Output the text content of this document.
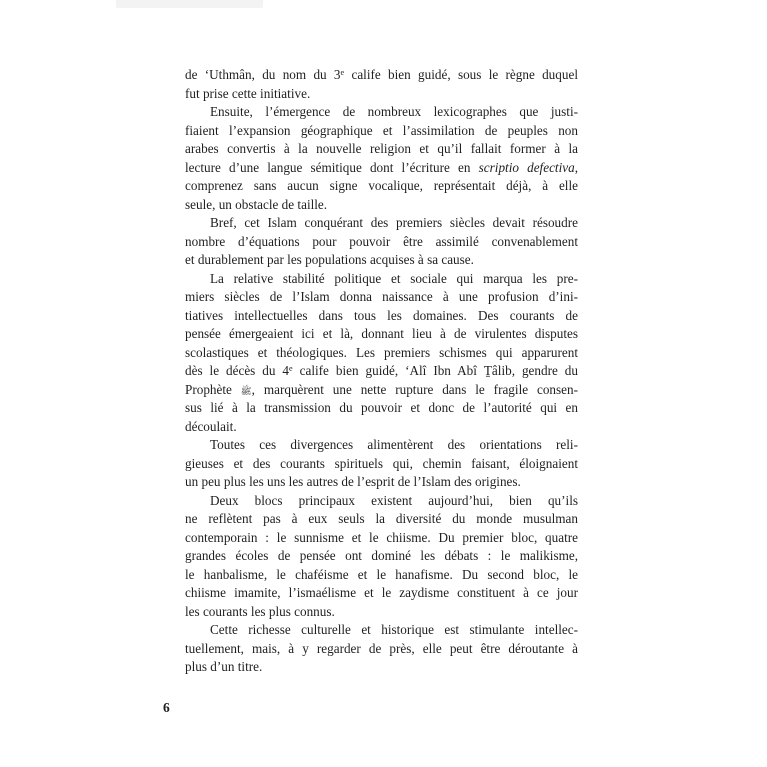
de ‘Uthmân, du nom du 3e calife bien guidé, sous le règne duquel
fut prise cette initiative.

Ensuite, l’émergence de nombreux lexicographes que justi-
fiaient l’expansion géographique et l’assimilation de peuples non
arabes convertis à la nouvelle religion et qu’il fallait former à la
lecture d’une langue sémitique dont l’écriture en scriptio defectiva,
comprenez sans aucun signe vocalique, représentait déjà, à elle
seule, un obstacle de taille.

Bref, cet Islam conquérant des premiers siècles devait résoudre
nombre d’équations pour pouvoir être assimilé convenablement
et durablement par les populations acquises à sa cause.

La relative stabilité politique et sociale qui marqua les pre-
miers siècles de l’Islam donna naissance à une profusion d’ini-
tiatives intellectuelles dans tous les domaines. Des courants de
pensée émergeaient ici et là, donnant lieu à de virulentes disputes
scolastiques et théologiques. Les premiers schismes qui apparurent
dès le décès du 4e calife bien guidé, ‘Alî Ibn Abî Ṯâlib, gendre du
Prophète ﷺ, marquèrent une nette rupture dans le fragile consen-
sus lié à la transmission du pouvoir et donc de l’autorité qui en
découlait.

Toutes ces divergences alimentèrent des orientations reli-
gieuses et des courants spirituels qui, chemin faisant, éloignaient
un peu plus les uns les autres de l’esprit de l’Islam des origines.

Deux blocs principaux existent aujourd’hui, bien qu’ils
ne reflètent pas à eux seuls la diversité du monde musulman
contemporain : le sunnisme et le chiisme. Du premier bloc, quatre
grandes écoles de pensée ont dominé les débats : le malikisme,
le hanbalisme, le chaféisme et le hanafisme. Du second bloc, le
chiisme imamite, l’ismaélisme et le zaydisme constituent à ce jour
les courants les plus connus.

Cette richesse culturelle et historique est stimulante intellec-
tuellement, mais, à y regarder de près, elle peut être déroutante à
plus d’un titre.

6
